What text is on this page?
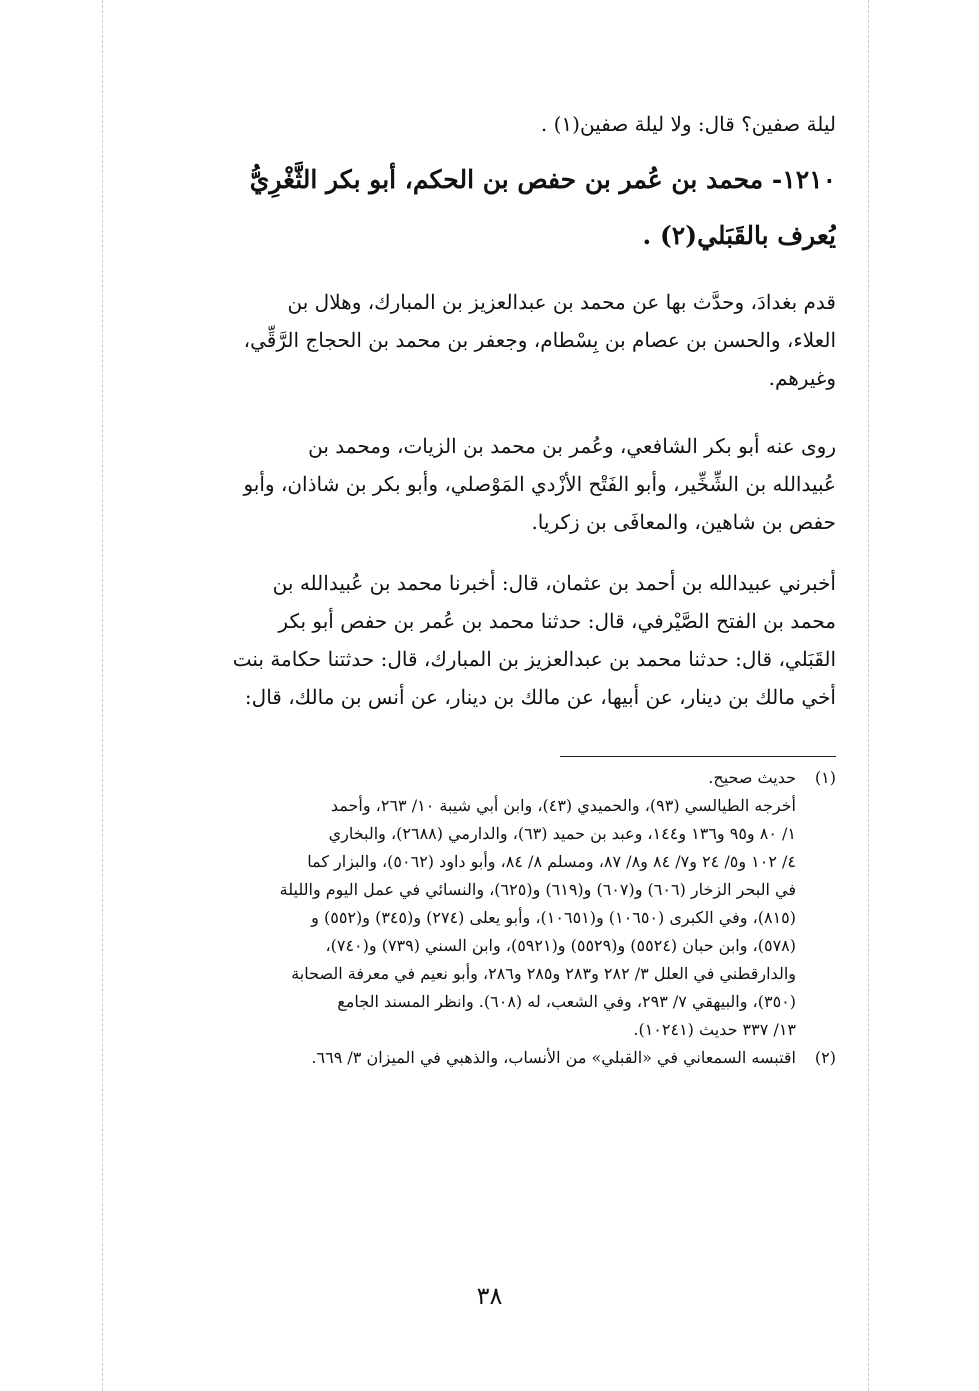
ليلة صفين؟ قال: ولا ليلة صفين(١) .
١٢١٠- محمد بن عُمر بن حفص بن الحكم، أبو بكر الثَّغْرِيُّ
يُعرف بالقَبَلي(٢) .
قدم بغدادَ، وحدَّث بها عن محمد بن عبدالعزيز بن المبارك، وهلال بن
العلاء، والحسن بن عصام بن بِسْطام، وجعفر بن محمد بن الحجاج الرَّقِّي،
وغيرهم.
روى عنه أبو بكر الشافعي، وعُمر بن محمد بن الزيات، ومحمد بن
عُبيدالله بن الشِّخِّير، وأبو الفَتْح الأزْدي المَوْصلي، وأبو بكر بن شاذان، وأبو
حفص بن شاهين، والمعافَى بن زكريا.
أخبرني عبيدالله بن أحمد بن عثمان، قال: أخبرنا محمد بن عُبيدالله بن
محمد بن الفتح الصَّيْرفي، قال: حدثنا محمد بن عُمر بن حفص أبو بكر
القَبَلي، قال: حدثنا محمد بن عبدالعزيز بن المبارك، قال: حدثتنا حكامة بنت
أخي مالك بن دينار، عن أبيها، عن مالك بن دينار، عن أنس بن مالك، قال:
(١)حديث صحيح.
أخرجه الطيالسي (٩٣)، والحميدي (٤٣)، وابن أبي شيبة ١٠/ ٢٦٣، وأحمد
١/ ٨٠ و٩٥ و١٣٦ و١٤٤، وعبد بن حميد (٦٣)، والدارمي (٢٦٨٨)، والبخاري
٤/ ١٠٢ و٥/ ٢٤ و٧/ ٨٤ و٨/ ٨٧، ومسلم ٨/ ٨٤، وأبو داود (٥٠٦٢)، والبزار كما
في البحر الزخار (٦٠٦) و(٦٠٧) و(٦١٩) و(٦٢٥)، والنسائي في عمل اليوم والليلة
(٨١٥)، وفي الكبرى (١٠٦٥٠) و(١٠٦٥١)، وأبو يعلى (٢٧٤) و(٣٤٥) و(٥٥٢) و
(٥٧٨)، وابن حبان (٥٥٢٤) و(٥٥٢٩) و(٥٩٢١)، وابن السني (٧٣٩) و(٧٤٠)،
والدارقطني في العلل ٣/ ٢٨٢ و٢٨٣ و٢٨٥ و٢٨٦، وأبو نعيم في معرفة الصحابة
(٣٥٠)، والبيهقي ٧/ ٢٩٣، وفي الشعب، له (٦٠٨). وانظر المسند الجامع
١٣/ ٣٣٧ حديث (١٠٢٤١).
(٢)اقتبسه السمعاني في «القبلي» من الأنساب، والذهبي في الميزان ٣/ ٦٦٩.
٣٨
